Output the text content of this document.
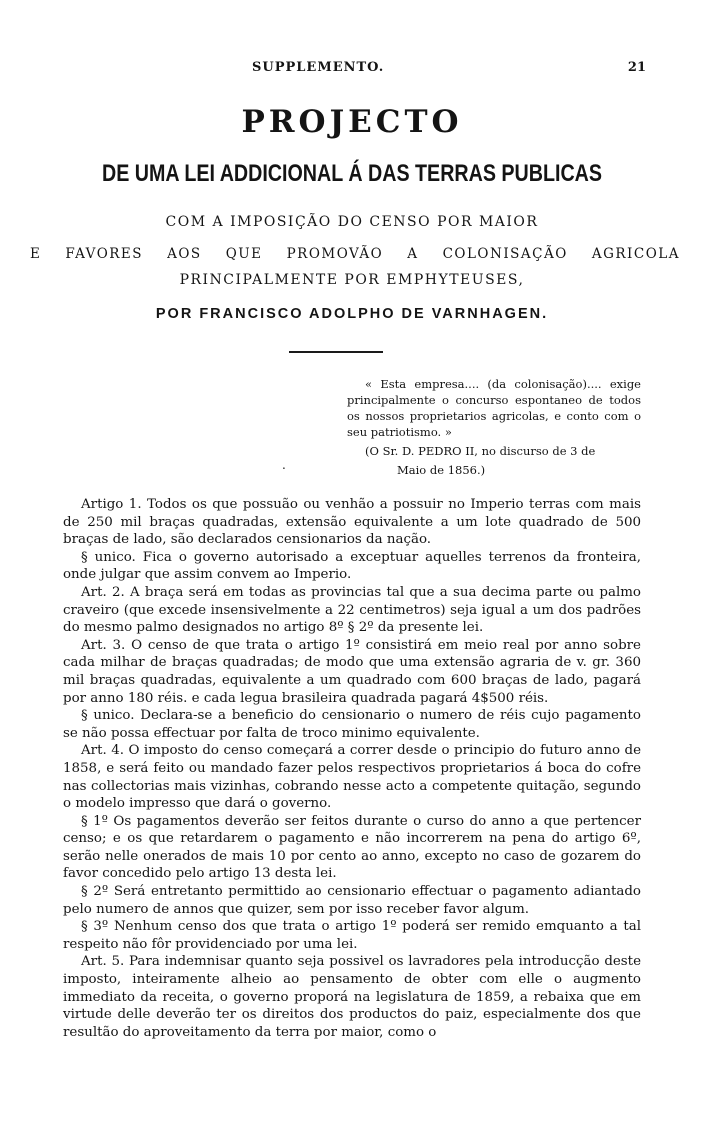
SUPPLEMENTO.	21
PROJECTO
DE UMA LEI ADDICIONAL Á DAS TERRAS PUBLICAS
COM A IMPOSIÇÃO DO CENSO POR MAIOR
E FAVORES AOS QUE PROMOVÃO A COLONISAÇÃO AGRICOLA
PRINCIPALMENTE POR EMPHYTEUSES,
POR FRANCISCO ADOLPHO DE VARNHAGEN.
« Esta empresa.... (da colonisação).... exige principalmente o concurso espontaneo de todos os nossos proprietarios agricolas, e conto com o seu patriotismo. »
(O Sr. D. PEDRO II, no discurso de 3 de
Maio de 1856.)
.

Artigo 1. Todos os que possuão ou venhão a possuir no Imperio terras com mais de 250 mil braças quadradas, extensão equivalente a um lote quadrado de 500 braças de lado, são declarados censionarios da nação.

§ unico. Fica o governo autorisado a exceptuar aquelles terrenos da fronteira, onde julgar que assim convem ao Imperio.

Art. 2. A braça será em todas as provincias tal que a sua decima parte ou palmo craveiro (que excede insensivelmente a 22 centimetros) seja igual a um dos padrões do mesmo palmo designados no artigo 8º § 2º da presente lei.

Art. 3. O censo de que trata o artigo 1º consistirá em meio real por anno sobre cada milhar de braças quadradas; de modo que uma extensão agraria de v. gr. 360 mil braças quadradas, equivalente a um quadrado com 600 braças de lado, pagará por anno 180 réis. e cada legua brasileira quadrada pagará 4$500 réis.

§ unico. Declara-se a beneficio do censionario o numero de réis cujo pagamento se não possa effectuar por falta de troco minimo equivalente.

Art. 4. O imposto do censo começará a correr desde o principio do futuro anno de 1858, e será feito ou mandado fazer pelos respectivos proprietarios á boca do cofre nas collectorias mais vizinhas, cobrando nesse acto a competente quitação, segundo o modelo impresso que dará o governo.

§ 1º Os pagamentos deverão ser feitos durante o curso do anno a que pertencer censo; e os que retardarem o pagamento e não incorrerem na pena do artigo 6º, serão nelle onerados de mais 10 por cento ao anno, excepto no caso de gozarem do favor concedido pelo artigo 13 desta lei.

§ 2º Será entretanto permittido ao censionario effectuar o pagamento adiantado pelo numero de annos que quizer, sem por isso receber favor algum.

§ 3º Nenhum censo dos que trata o artigo 1º poderá ser remido emquanto a tal respeito não fôr providenciado por uma lei.

Art. 5. Para indemnisar quanto seja possivel os lavradores pela introducção deste imposto, inteiramente alheio ao pensamento de obter com elle o augmento immediato da receita, o governo proporá na legislatura de 1859, a rebaixa que em virtude delle deverão ter os direitos dos productos do paiz, especialmente dos que resultão do aproveitamento da terra por maior, como o
